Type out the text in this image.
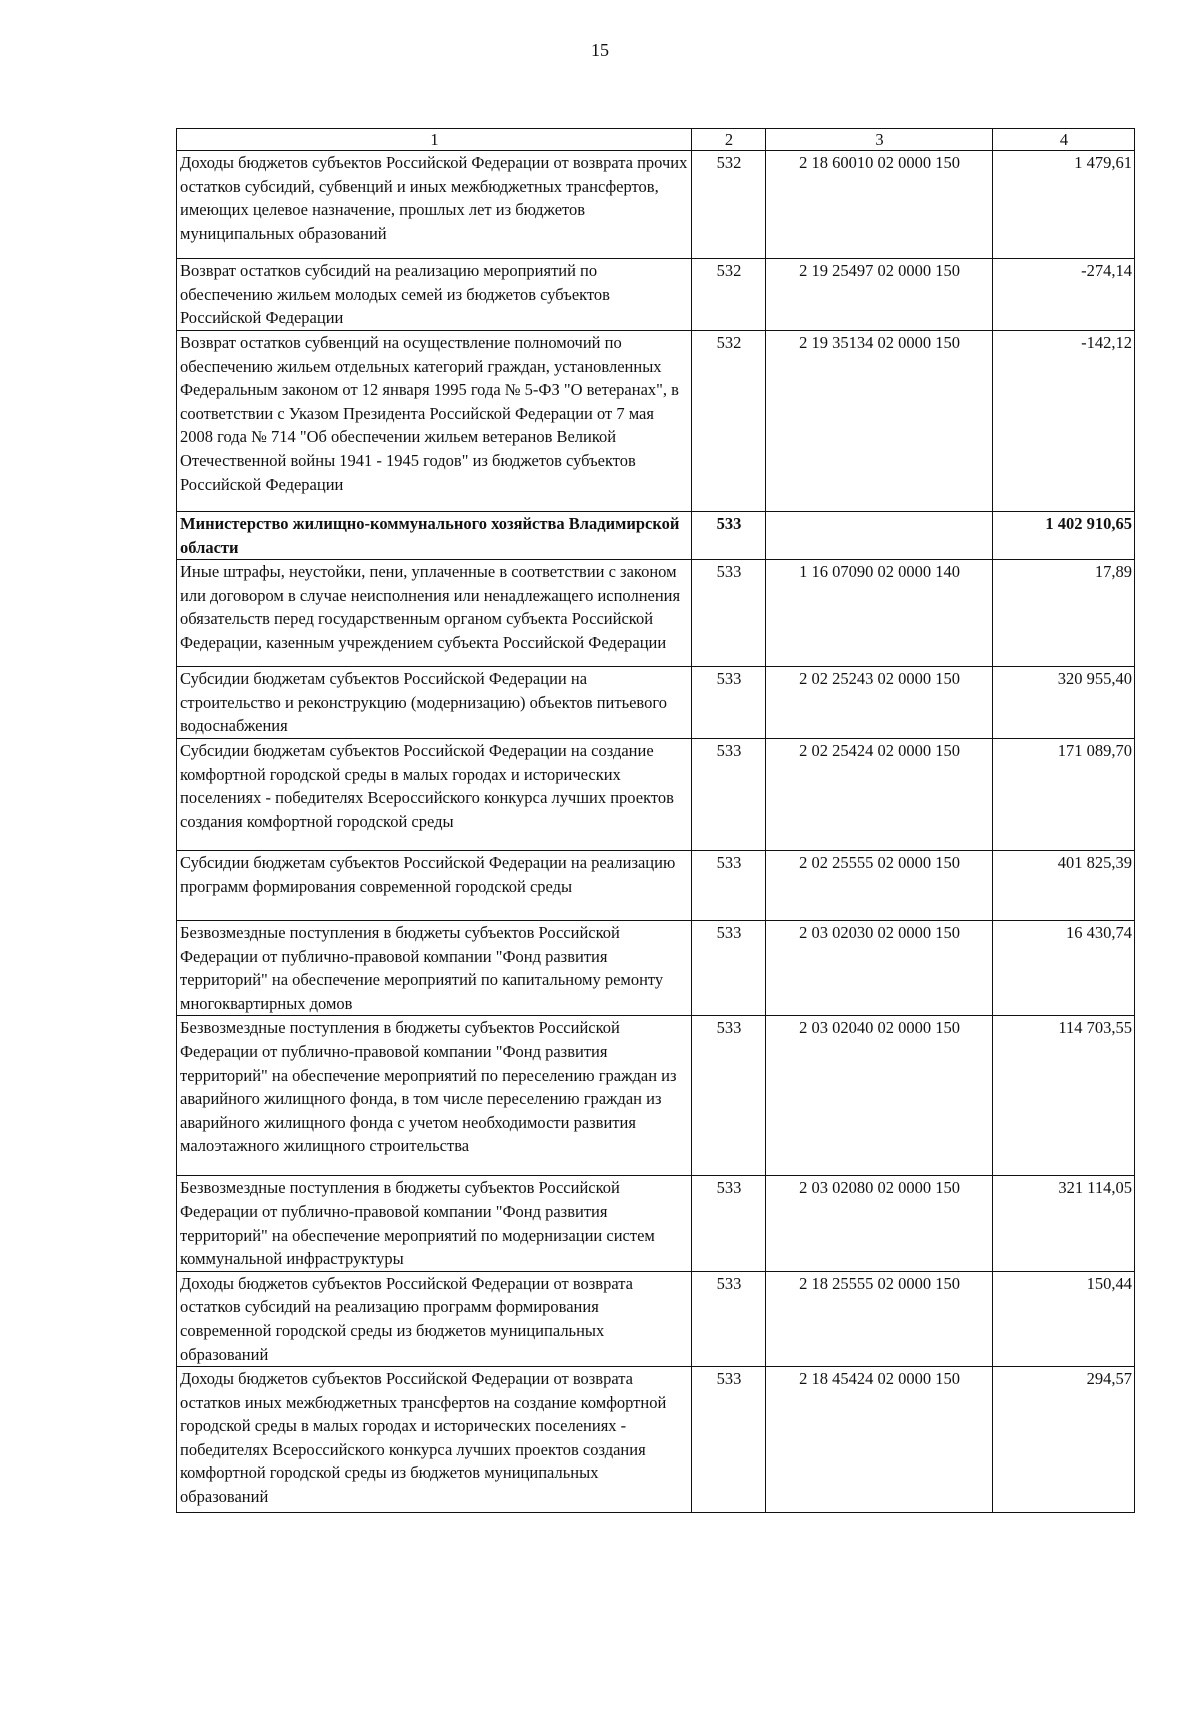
15
1	2	3	4
Доходы бюджетов субъектов Российской Федерации от возврата прочих остатков субсидий, субвенций и иных межбюджетных трансфертов, имеющих целевое назначение, прошлых лет из бюджетов муниципальных образований	532	2 18 60010 02 0000 150	1 479,61
Возврат остатков субсидий на реализацию мероприятий по обеспечению жильем молодых семей из бюджетов субъектов Российской Федерации	532	2 19 25497 02 0000 150	-274,14
Возврат остатков субвенций на осуществление полномочий по обеспечению жильем отдельных категорий граждан, установленных Федеральным законом от 12 января 1995 года № 5-ФЗ "О ветеранах", в соответствии с Указом Президента Российской Федерации от 7 мая 2008 года № 714 "Об обеспечении жильем ветеранов Великой Отечественной войны 1941 - 1945 годов" из бюджетов субъектов Российской Федерации	532	2 19 35134 02 0000 150	-142,12
Министерство жилищно-коммунального хозяйства Владимирской области	533		1 402 910,65
Иные штрафы, неустойки, пени, уплаченные в соответствии с законом или договором в случае неисполнения или ненадлежащего исполнения обязательств перед государственным органом субъекта Российской Федерации, казенным учреждением субъекта Российской Федерации	533	1 16 07090 02 0000 140	17,89
Субсидии бюджетам субъектов Российской Федерации на строительство и реконструкцию (модернизацию) объектов питьевого водоснабжения	533	2 02 25243 02 0000 150	320 955,40
Субсидии бюджетам субъектов Российской Федерации на создание комфортной городской среды в малых городах и исторических поселениях - победителях Всероссийского конкурса лучших проектов создания комфортной городской среды	533	2 02 25424 02 0000 150	171 089,70
Субсидии бюджетам субъектов Российской Федерации на реализацию программ формирования современной городской среды	533	2 02 25555 02 0000 150	401 825,39
Безвозмездные поступления в бюджеты субъектов Российской Федерации от публично-правовой компании "Фонд развития территорий" на обеспечение мероприятий по капитальному ремонту многоквартирных домов	533	2 03 02030 02 0000 150	16 430,74
Безвозмездные поступления в бюджеты субъектов Российской Федерации от публично-правовой компании "Фонд развития территорий" на обеспечение мероприятий по переселению граждан из аварийного жилищного фонда, в том числе переселению граждан из аварийного жилищного фонда с учетом необходимости развития малоэтажного жилищного строительства	533	2 03 02040 02 0000 150	114 703,55
Безвозмездные поступления в бюджеты субъектов Российской Федерации от публично-правовой компании "Фонд развития территорий" на обеспечение мероприятий по модернизации систем коммунальной инфраструктуры	533	2 03 02080 02 0000 150	321 114,05
Доходы бюджетов субъектов Российской Федерации от возврата остатков субсидий на реализацию программ формирования современной городской среды из бюджетов муниципальных образований	533	2 18 25555 02 0000 150	150,44
Доходы бюджетов субъектов Российской Федерации от возврата остатков иных межбюджетных трансфертов на создание комфортной городской среды в малых городах и исторических поселениях - победителях Всероссийского конкурса лучших проектов создания комфортной городской среды из бюджетов муниципальных образований	533	2 18 45424 02 0000 150	294,57
